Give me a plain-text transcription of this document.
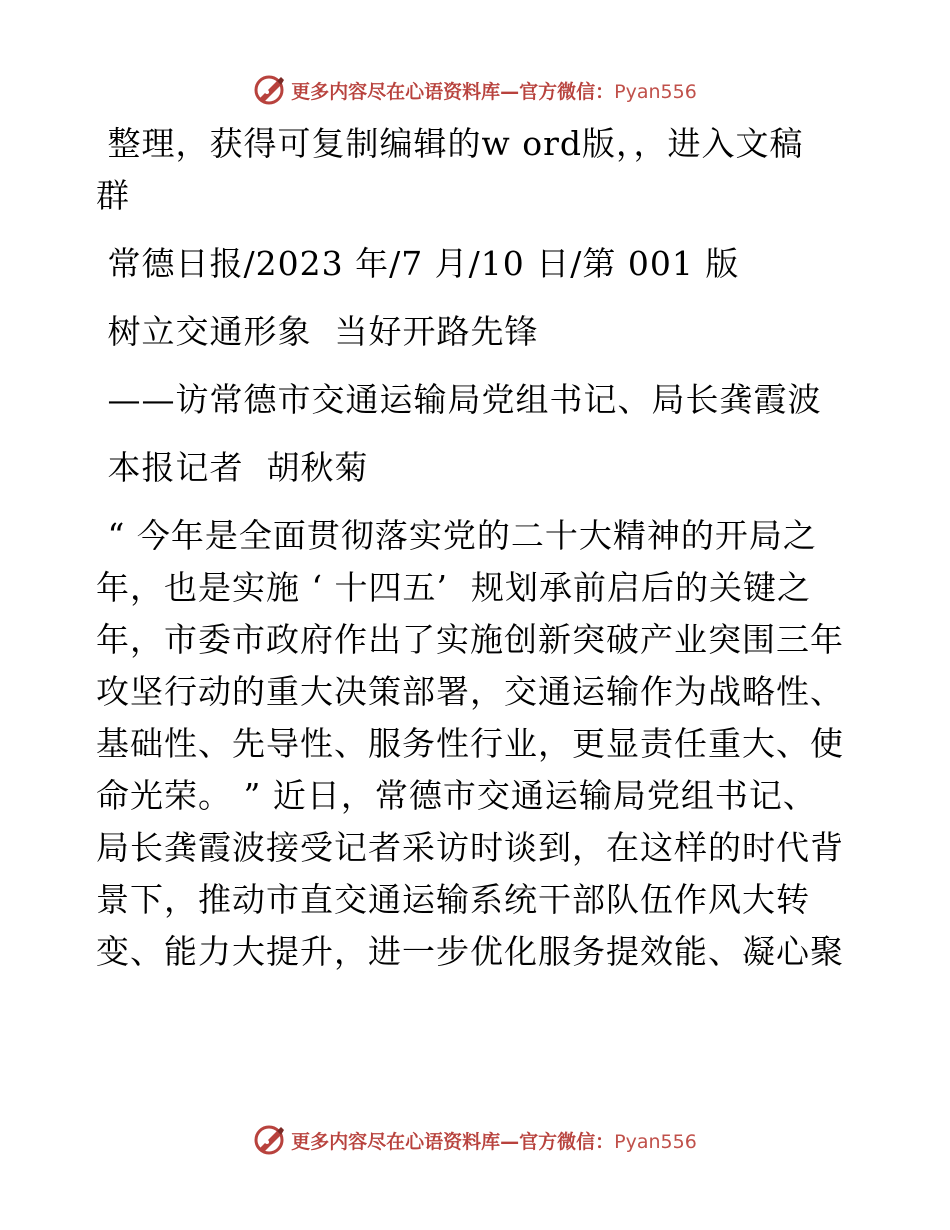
更多内容尽在心语资料库—官方微信：Pyan556

整理，获得可复制编辑的w ord版，，进入文稿

群

常德日报/2023 年/7 月/10 日/第 001 版

树立交通形象  当好开路先锋

——访常德市交通运输局党组书记、局长龚霞波

本报记者  胡秋菊

“ 今年是全面贯彻落实党的二十大精神的开局之

年，也是实施 ‘ 十四五’  规划承前启后的关键之

年，市委市政府作出了实施创新突破产业突围三年

攻坚行动的重大决策部署，交通运输作为战略性、

基础性、先导性、服务性行业，更显责任重大、使

命光荣。 ” 近日，常德市交通运输局党组书记、

局长龚霞波接受记者采访时谈到，在这样的时代背

景下，推动市直交通运输系统干部队伍作风大转

变、能力大提升，进一步优化服务提效能、凝心聚

更多内容尽在心语资料库—官方微信：Pyan556
